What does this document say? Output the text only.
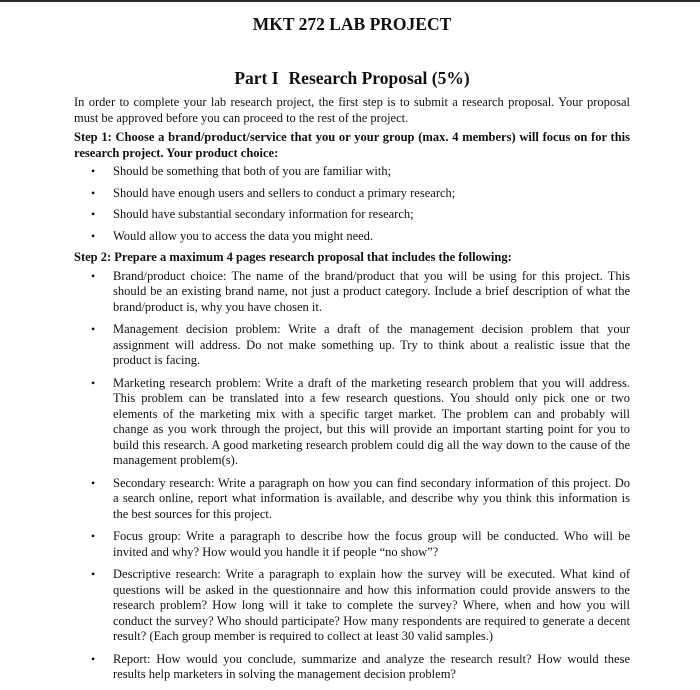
MKT 272 LAB PROJECT
Part I Research Proposal (5%)

In order to complete your lab research project, the first step is to submit a research proposal. Your proposal must be approved before you can proceed to the rest of the project.

Step 1: Choose a brand/product/service that you or your group (max. 4 members) will focus on for this research project. Your product choice:

• Should be something that both of you are familiar with;
• Should have enough users and sellers to conduct a primary research;
• Should have substantial secondary information for research;
• Would allow you to access the data you might need.

Step 2: Prepare a maximum 4 pages research proposal that includes the following:

• Brand/product choice: The name of the brand/product that you will be using for this project. This should be an existing brand name, not just a product category. Include a brief description of what the brand/product is, why you have chosen it.
• Management decision problem: Write a draft of the management decision problem that your assignment will address. Do not make something up. Try to think about a realistic issue that the product is facing.
• Marketing research problem: Write a draft of the marketing research problem that you will address. This problem can be translated into a few research questions. You should only pick one or two elements of the marketing mix with a specific target market. The problem can and probably will change as you work through the project, but this will provide an important starting point for you to build this research. A good marketing research problem could dig all the way down to the cause of the management problem(s).
• Secondary research: Write a paragraph on how you can find secondary information of this project. Do a search online, report what information is available, and describe why you think this information is the best sources for this project.
• Focus group: Write a paragraph to describe how the focus group will be conducted. Who will be invited and why? How would you handle it if people “no show”?
• Descriptive research: Write a paragraph to explain how the survey will be executed. What kind of questions will be asked in the questionnaire and how this information could provide answers to the research problem? How long will it take to complete the survey? Where, when and how you will conduct the survey? Who should participate? How many respondents are required to generate a decent result? (Each group member is required to collect at least 30 valid samples.)
• Report: How would you conclude, summarize and analyze the research result? How would these results help marketers in solving the management decision problem?
